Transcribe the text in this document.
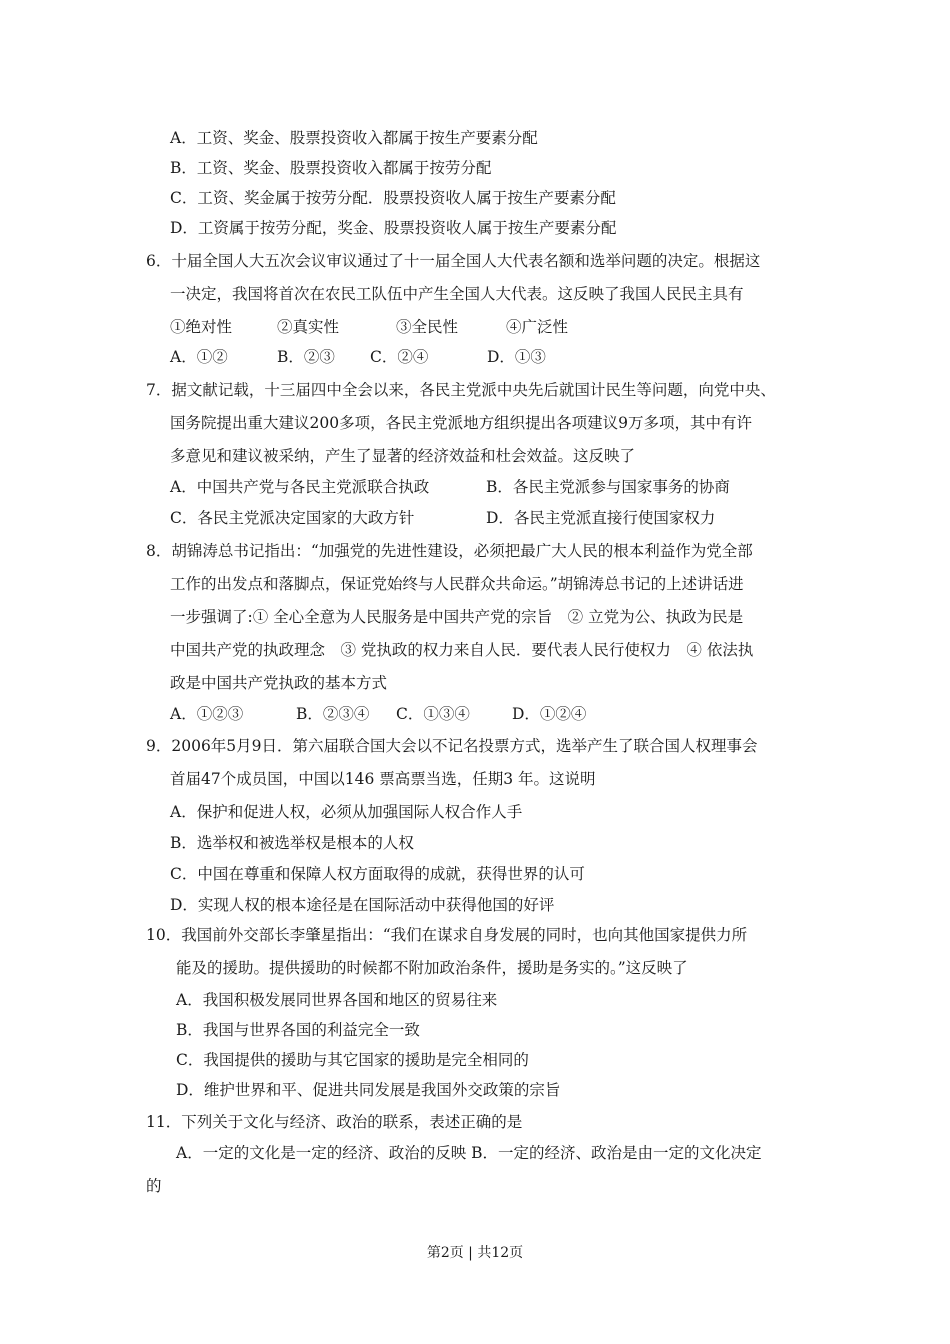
A．工资、奖金、股票投资收入都属于按生产要素分配
B．工资、奖金、股票投资收入都属于按劳分配
C．工资、奖金属于按劳分配．股票投资收人属于按生产要素分配
D．工资属于按劳分配，奖金、股票投资收人属于按生产要素分配
6．十届全国人大五次会议审议通过了十一届全国人大代表名额和选举问题的决定。根据这
一决定，我国将首次在农民工队伍中产生全国人大代表。这反映了我国人民民主具有
①绝对性	②真实性	③全民性	④广泛性
A．①②	B．②③ C．②④	D．①③
7．据文献记载，十三届四中全会以来，各民主党派中央先后就国计民生等问题，向党中央、
国务院提出重大建议200多项，各民主党派地方组织提出各项建议9万多项，其中有许
多意见和建议被采纳，产生了显著的经济效益和杜会效益。这反映了
A．中国共产党与各民主党派联合执政	B．各民主党派参与国家事务的协商
C．各民主党派决定国家的大政方针	D．各民主党派直接行使国家权力
8．胡锦涛总书记指出：“加强党的先进性建设，必须把最广大人民的根本利益作为党全部
工作的出发点和落脚点，保证党始终与人民群众共命运。”胡锦涛总书记的上述讲话进
一步强调了:① 全心全意为人民服务是中国共产党的宗旨　② 立党为公、执政为民是
中国共产党的执政理念　③ 党执政的权力来自人民．要代表人民行使权力　④ 依法执
政是中国共产党执政的基本方式
A．①②③	B．②③④ C．①③④	D．①②④
9．2006年5月9日．第六届联合国大会以不记名投票方式，选举产生了联合国人权理事会
首届47个成员国，中国以146 票高票当选，任期3 年。这说明
A．保护和促进人权，必须从加强国际人权合作人手
B．选举权和被选举权是根本的人权
C．中国在尊重和保障人权方面取得的成就，获得世界的认可
D．实现人权的根本途径是在国际活动中获得他国的好评
10．我国前外交部长李肇星指出：“我们在谋求自身发展的同时，也向其他国家提供力所
能及的援助。提供援助的时候都不附加政治条件，援助是务实的。”这反映了
A．我国积极发展同世界各国和地区的贸易往来
B．我国与世界各国的利益完全一致
C．我国提供的援助与其它国家的援助是完全相同的
D．维护世界和平、促进共同发展是我国外交政策的宗旨
11．下列关于文化与经济、政治的联系，表述正确的是
A．一定的文化是一定的经济、政治的反映 B．一定的经济、政治是由一定的文化决定
的
第2页 | 共12页
